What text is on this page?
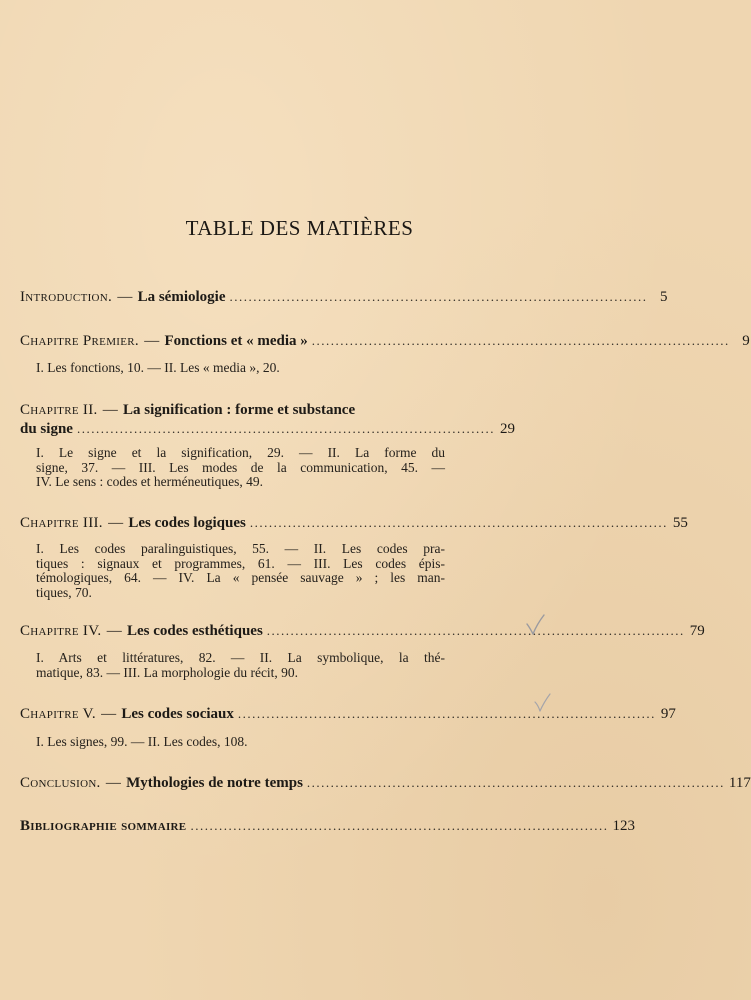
TABLE DES MATIÈRES
Introduction. — La sémiologie ........................................................................................ 5
Chapitre Premier. — Fonctions et « media » ........................................................................................ 9
I. Les fonctions, 10. — II. Les « media », 20.
Chapitre II. — La signification : forme et substance
du signe ........................................................................................ 29
I. Le signe et la signification, 29. — II. La forme du
signe, 37. — III. Les modes de la communication, 45. —
IV. Le sens : codes et herméneutiques, 49.
Chapitre III. — Les codes logiques ........................................................................................ 55
I. Les codes paralinguistiques, 55. — II. Les codes pra-
tiques : signaux et programmes, 61. — III. Les codes épis-
témologiques, 64. — IV. La « pensée sauvage » ; les man-
tiques, 70.
Chapitre IV. — Les codes esthétiques ........................................................................................ 79
I. Arts et littératures, 82. — II. La symbolique, la thé-
matique, 83. — III. La morphologie du récit, 90.
Chapitre V. — Les codes sociaux ........................................................................................ 97
I. Les signes, 99. — II. Les codes, 108.
Conclusion. — Mythologies de notre temps ........................................................................................ 117
Bibliographie sommaire ........................................................................................ 123
